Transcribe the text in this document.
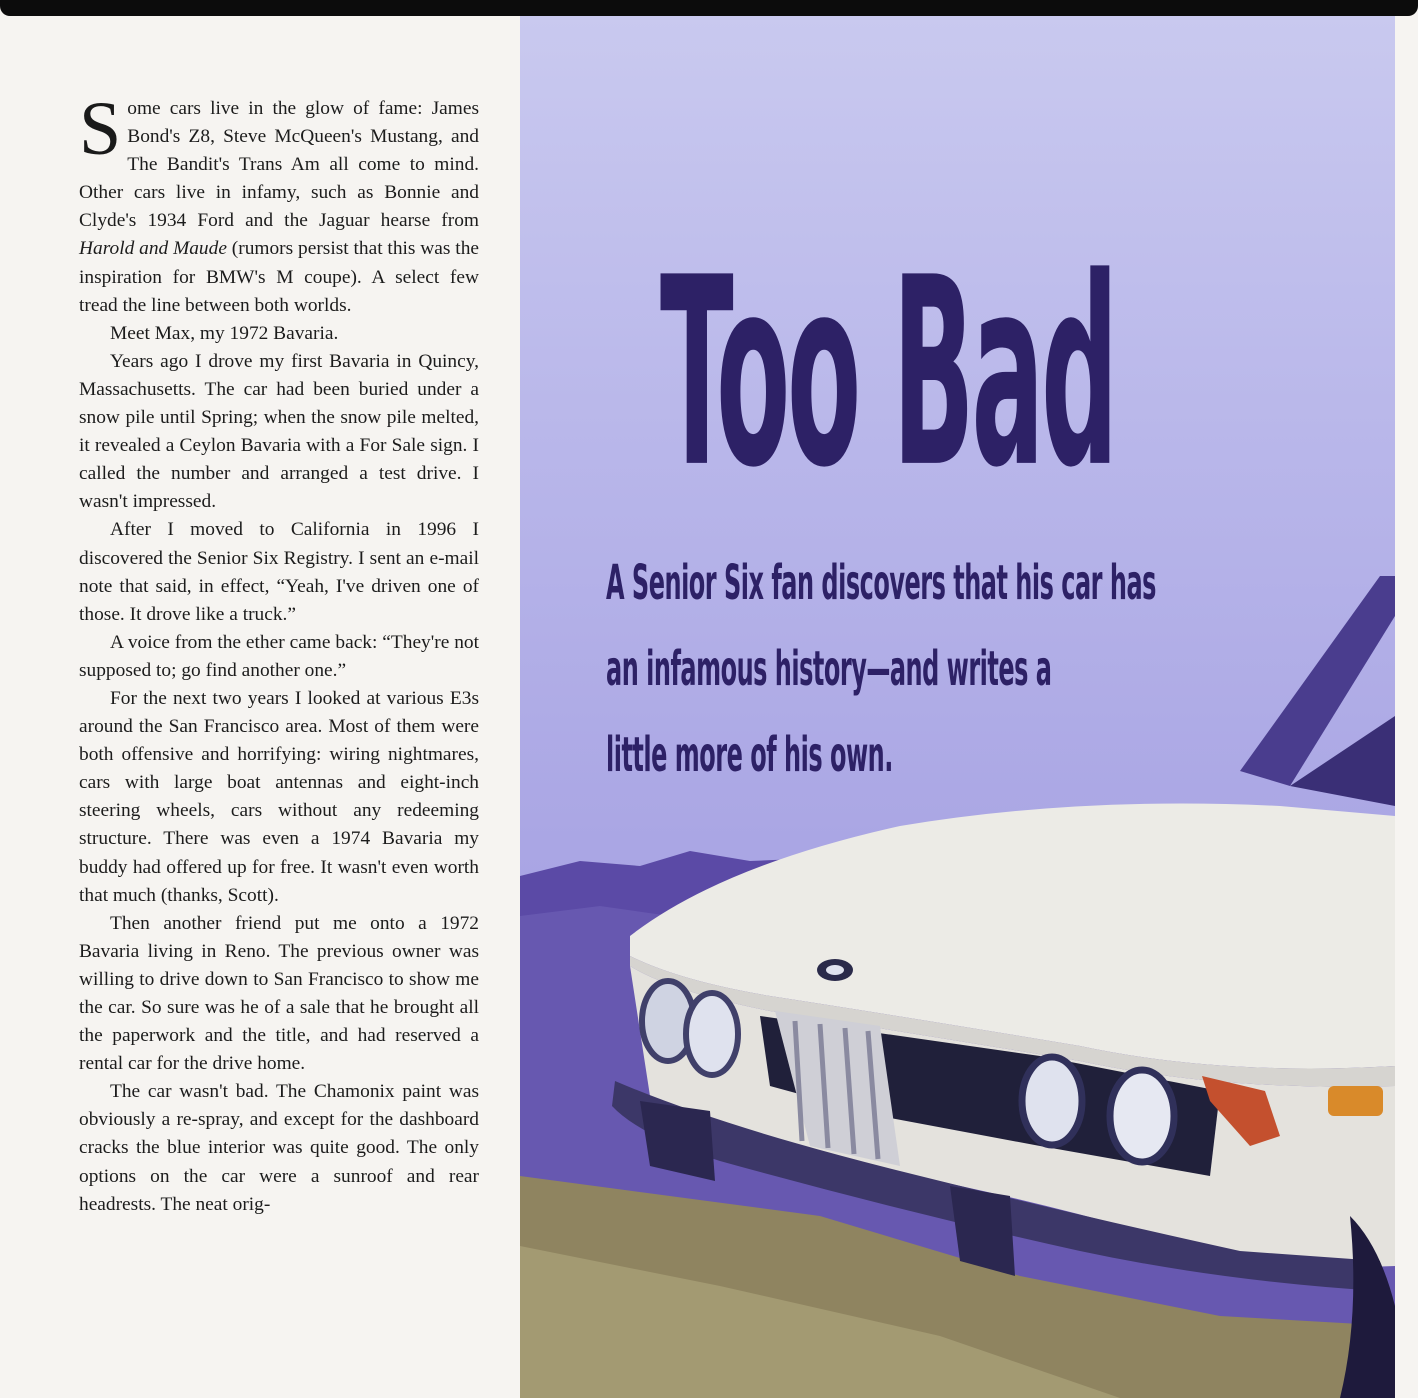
Some cars live in the glow of fame: James Bond's Z8, Steve McQueen's Mustang, and The Bandit's Trans Am all come to mind. Other cars live in infamy, such as Bonnie and Clyde's 1934 Ford and the Jaguar hearse from Harold and Maude (rumors persist that this was the inspiration for BMW's M coupe). A select few tread the line between both worlds.

Meet Max, my 1972 Bavaria.

Years ago I drove my first Bavaria in Quincy, Massachusetts. The car had been buried under a snow pile until Spring; when the snow pile melted, it revealed a Ceylon Bavaria with a For Sale sign. I called the number and arranged a test drive. I wasn't impressed.

After I moved to California in 1996 I discovered the Senior Six Registry. I sent an e-mail note that said, in effect, “Yeah, I've driven one of those. It drove like a truck.”

A voice from the ether came back: “They're not supposed to; go find another one.”

For the next two years I looked at various E3s around the San Francisco area. Most of them were both offensive and horrifying: wiring nightmares, cars with large boat antennas and eight-inch steering wheels, cars without any redeeming structure. There was even a 1974 Bavaria my buddy had offered up for free. It wasn't even worth that much (thanks, Scott).

Then another friend put me onto a 1972 Bavaria living in Reno. The previous owner was willing to drive down to San Francisco to show me the car. So sure was he of a sale that he brought all the paperwork and the title, and had reserved a rental car for the drive home.

The car wasn't bad. The Chamonix paint was obviously a re-spray, and except for the dashboard cracks the blue interior was quite good. The only options on the car were a sunroof and rear headrests. The neat orig-

Too Bad
A Senior Six fan discovers that his car has
an infamous history—and writes a
little more of his own.
